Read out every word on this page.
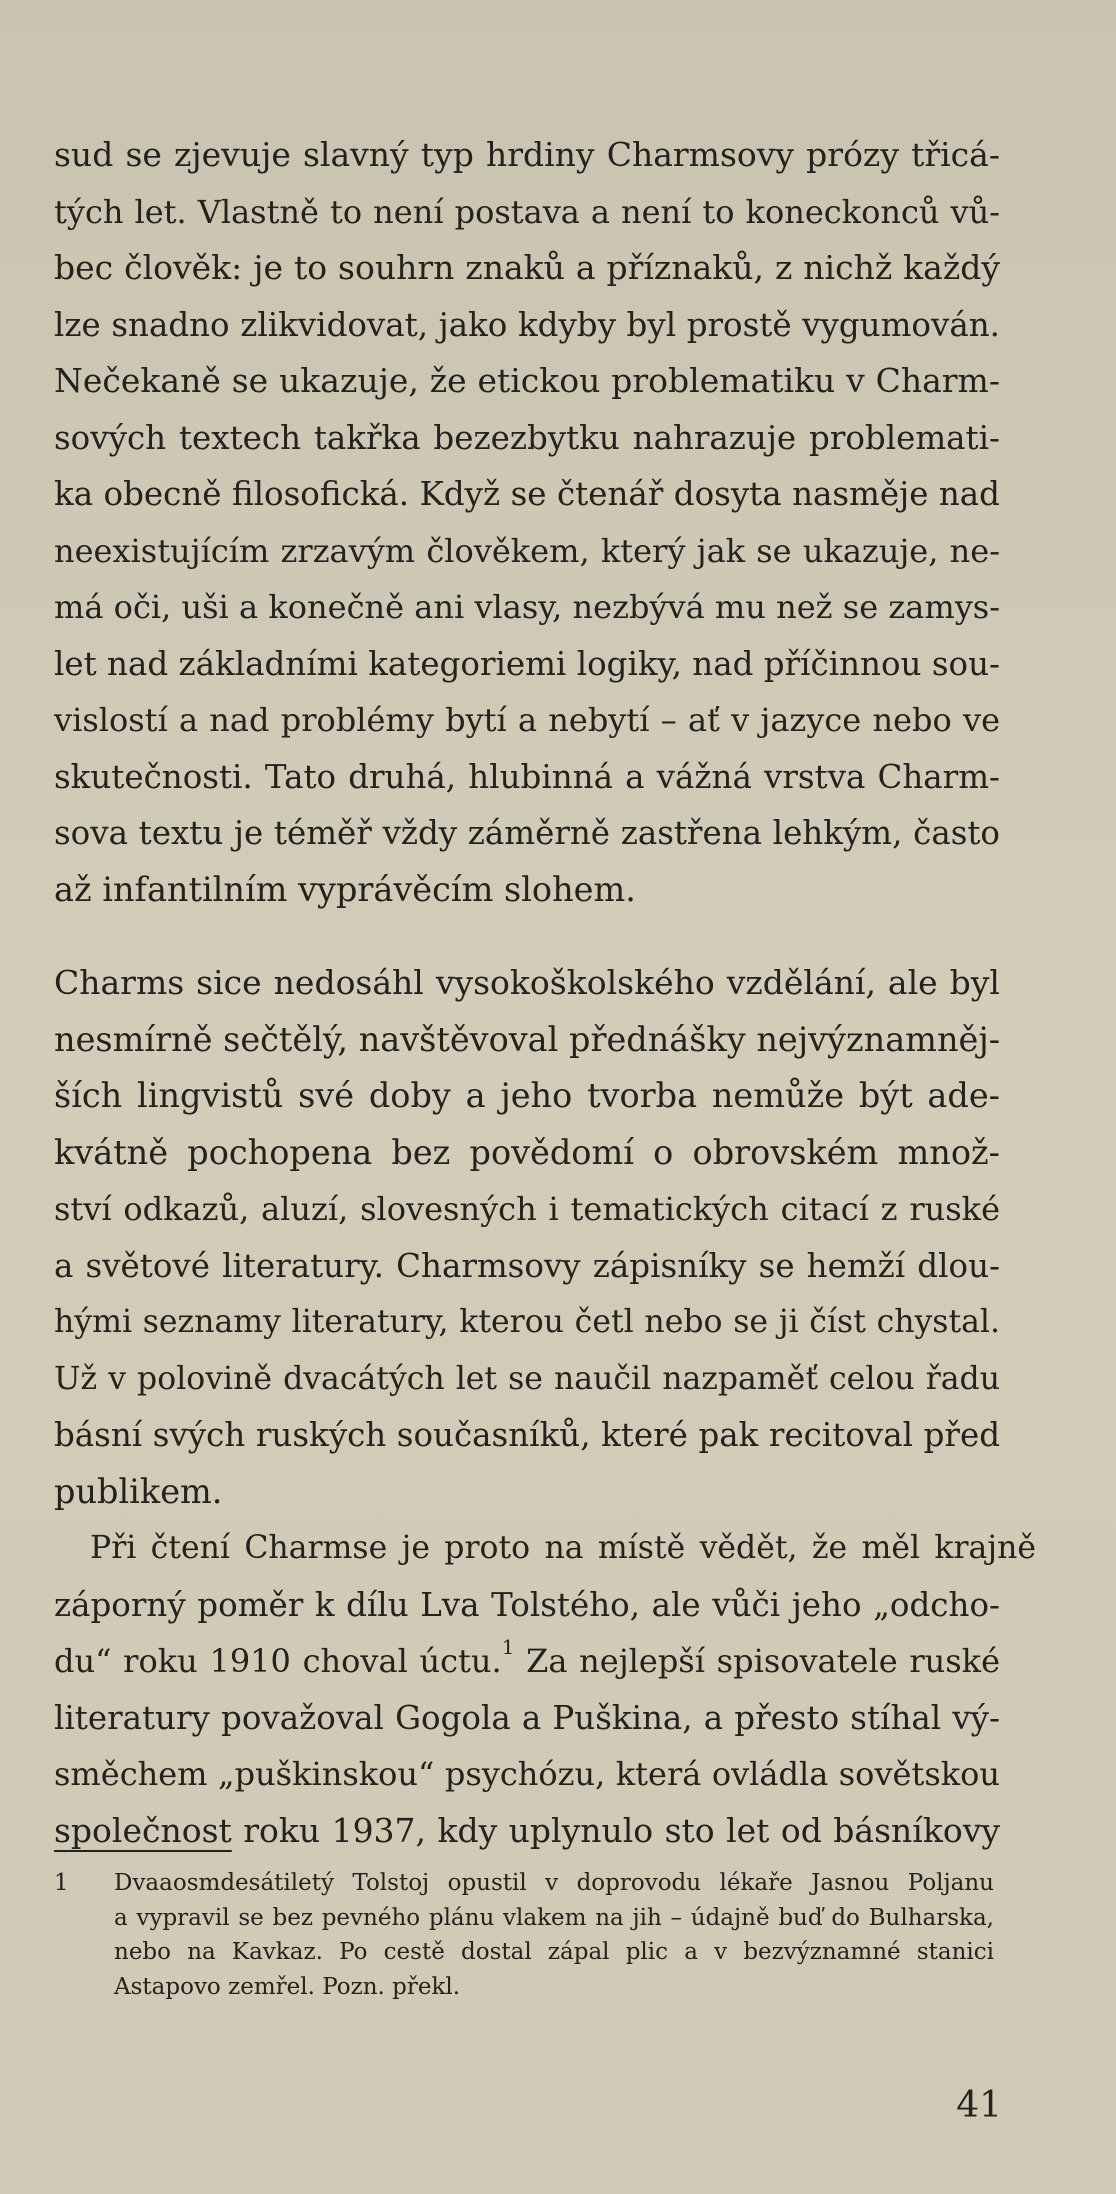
sud se zjevuje slavný typ hrdiny Charmsovy prózy třicá-
tých let. Vlastně to není postava a není to koneckonců vů-
bec člověk: je to souhrn znaků a příznaků, z nichž každý
lze snadno zlikvidovat, jako kdyby byl prostě vygumován.
Nečekaně se ukazuje, že etickou problematiku v Charm-
sových textech takřka bezezbytku nahrazuje problemati-
ka obecně filosofická. Když se čtenář dosyta nasměje nad
neexistujícím zrzavým člověkem, který jak se ukazuje, ne-
má oči, uši a konečně ani vlasy, nezbývá mu než se zamys-
let nad základními kategoriemi logiky, nad příčinnou sou-
vislostí a nad problémy bytí a nebytí – ať v jazyce nebo ve
skutečnosti. Tato druhá, hlubinná a vážná vrstva Charm-
sova textu je téměř vždy záměrně zastřena lehkým, často
až infantilním vyprávěcím slohem.
Charms sice nedosáhl vysokoškolského vzdělání, ale byl
nesmírně sečtělý, navštěvoval přednášky nejvýznamněj-
ších lingvistů své doby a jeho tvorba nemůže být ade-
kvátně pochopena bez povědomí o obrovském množ-
ství odkazů, aluzí, slovesných i tematických citací z ruské
a světové literatury. Charmsovy zápisníky se hemží dlou-
hými seznamy literatury, kterou četl nebo se ji číst chystal.
Už v polovině dvacátých let se naučil nazpaměť celou řadu
básní svých ruských současníků, které pak recitoval před
publikem.
Při čtení Charmse je proto na místě vědět, že měl krajně
záporný poměr k dílu Lva Tolstého, ale vůči jeho „odcho-
du“ roku 1910 choval úctu.$^1$ Za nejlepší spisovatele ruské
literatury považoval Gogola a Puškina, a přesto stíhal vý-
směchem „puškinskou“ psychózu, která ovládla sovětskou
společnost roku 1937, kdy uplynulo sto let od básníkovy
1 Dvaaosmdesátiletý Tolstoj opustil v doprovodu lékaře Jasnou Poljanu
a vypravil se bez pevného plánu vlakem na jih – údajně buď do Bulharska,
nebo na Kavkaz. Po cestě dostal zápal plic a v bezvýznamné stanici
Astapovo zemřel. Pozn. překl.
41
